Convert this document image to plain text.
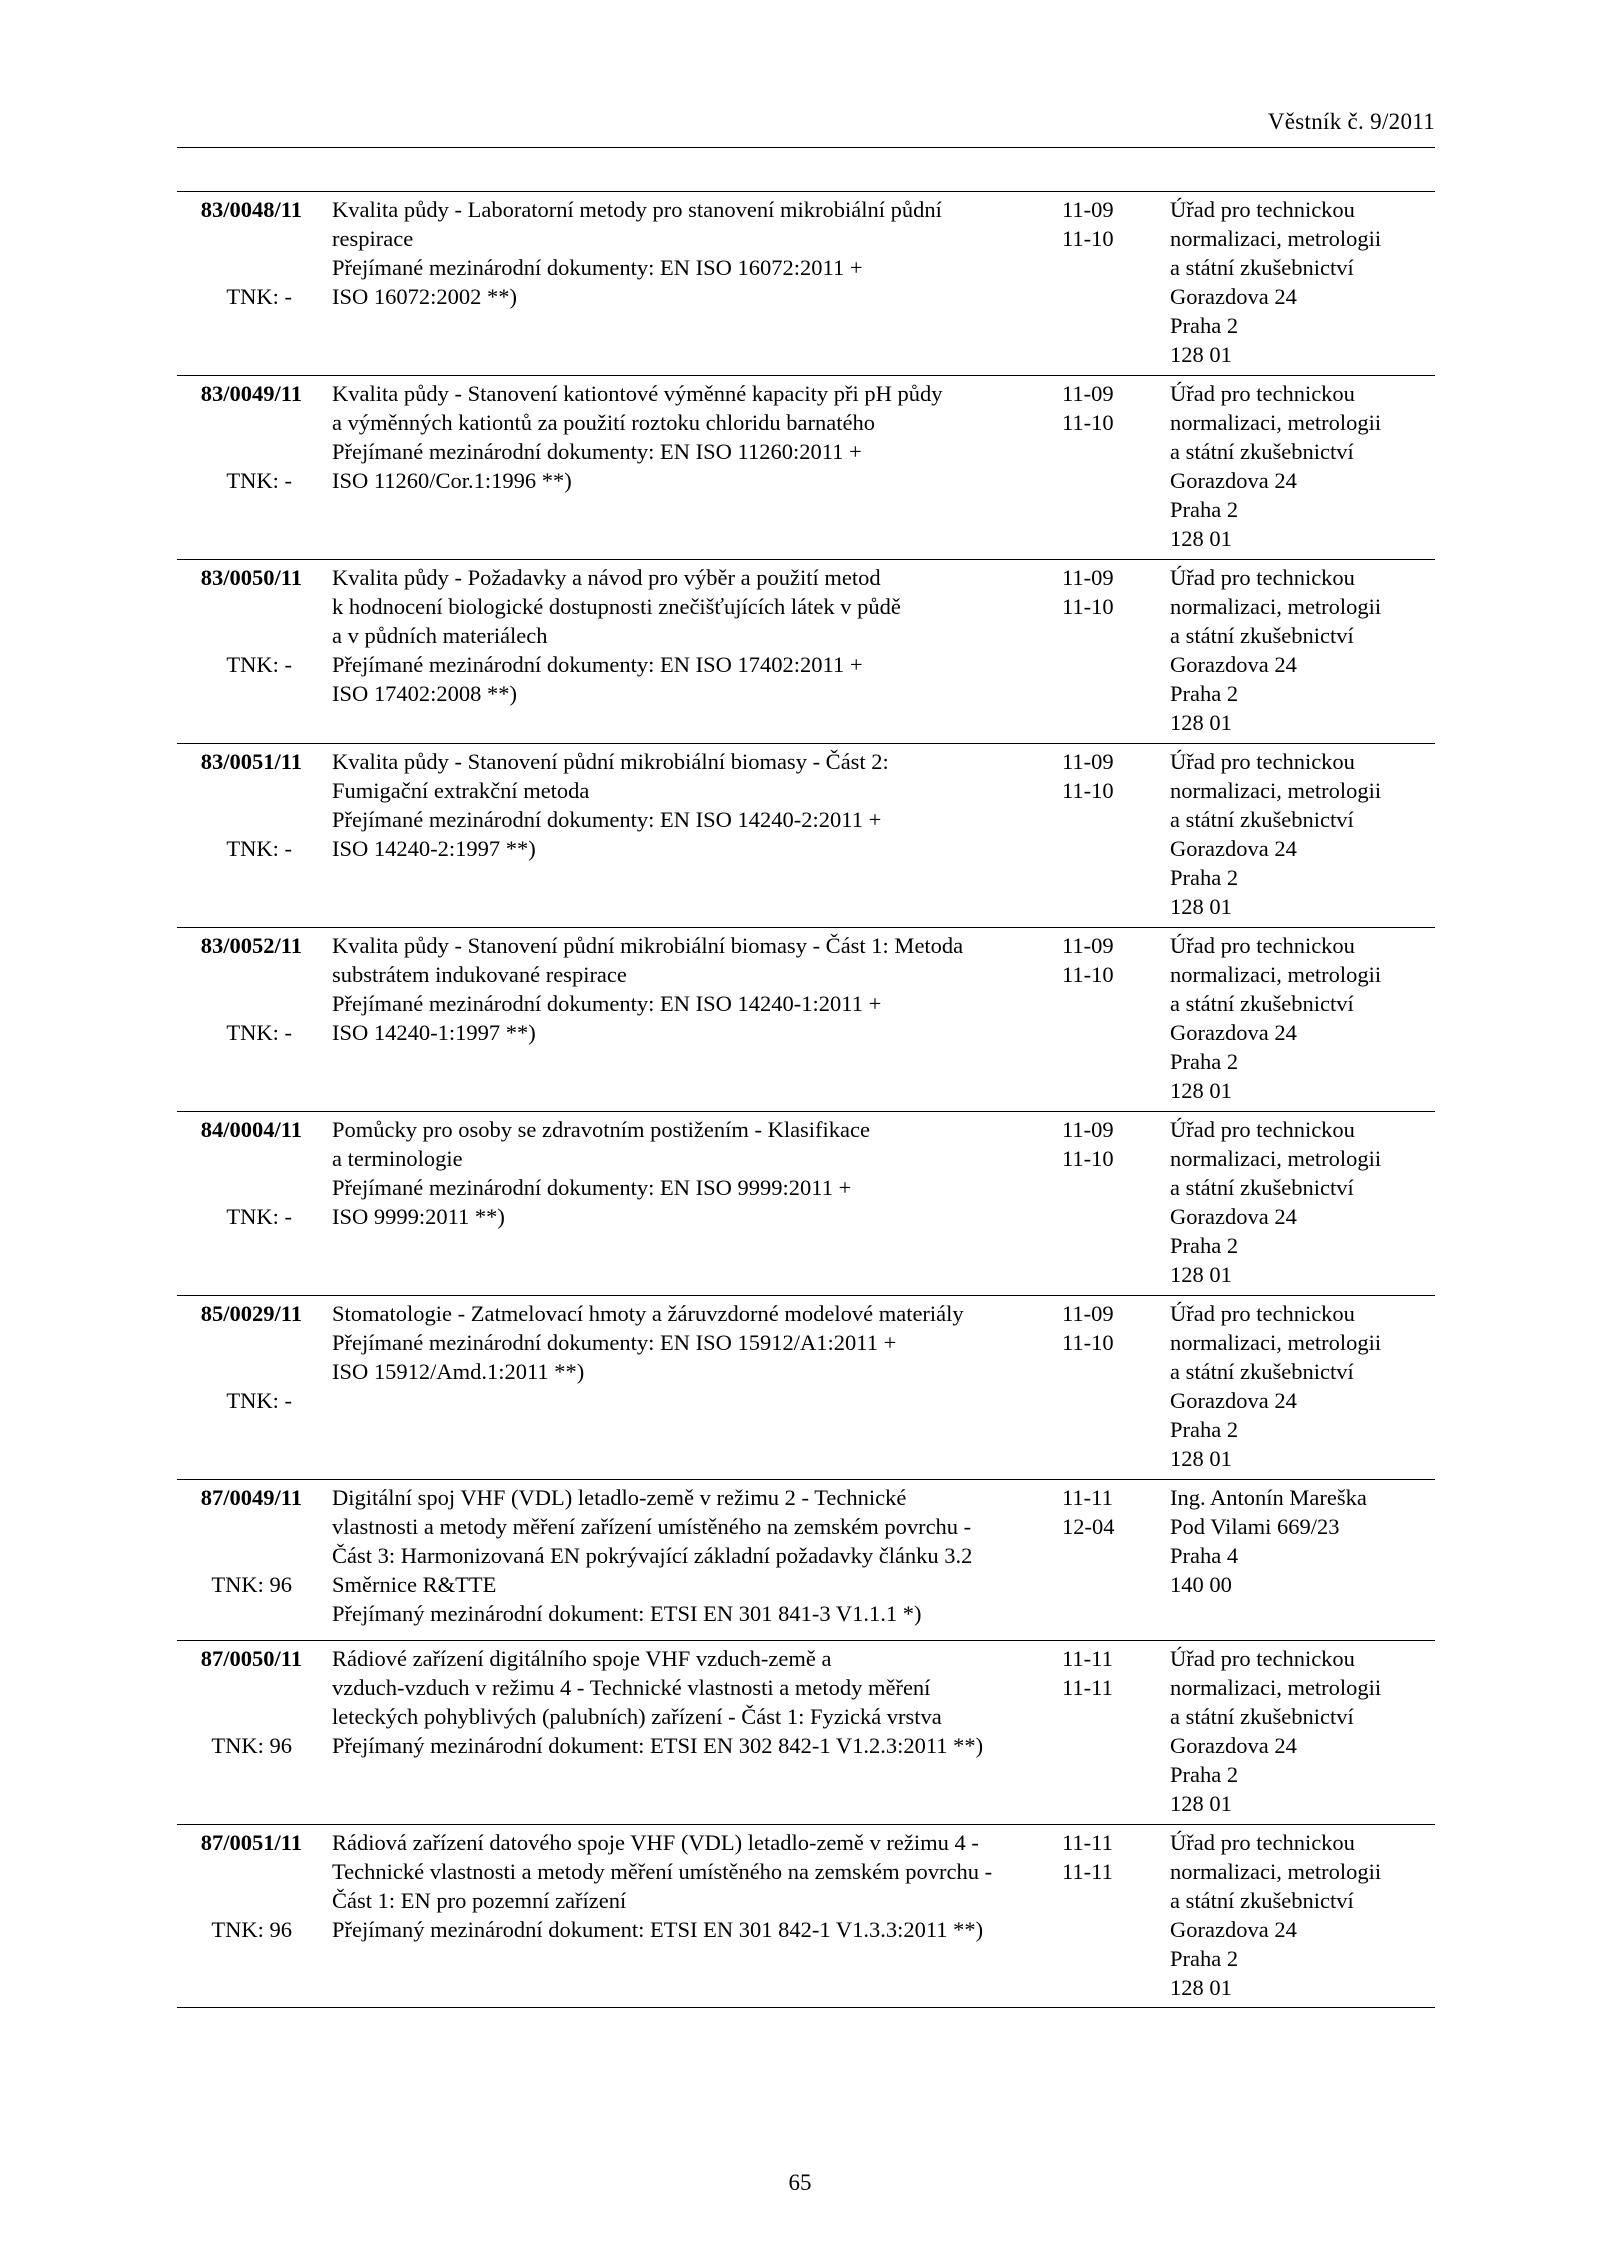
Věstník č. 9/2011
83/0048/11
TNK: -
Kvalita půdy - Laboratorní metody pro stanovení mikrobiální půdní
respirace
Přejímané mezinárodní dokumenty: EN ISO 16072:2011 +
ISO 16072:2002 **)
11-09
11-10
Úřad pro technickou
normalizaci, metrologii
a státní zkušebnictví
Gorazdova 24
Praha 2
128 01
83/0049/11
TNK: -
Kvalita půdy - Stanovení kationtové výměnné kapacity při pH půdy
a výměnných kationtů za použití roztoku chloridu barnatého
Přejímané mezinárodní dokumenty: EN ISO 11260:2011 +
ISO 11260/Cor.1:1996 **)
11-09
11-10
Úřad pro technickou
normalizaci, metrologii
a státní zkušebnictví
Gorazdova 24
Praha 2
128 01
83/0050/11
TNK: -
Kvalita půdy - Požadavky a návod pro výběr a použití metod
k hodnocení biologické dostupnosti znečišťujících látek v půdě
a v půdních materiálech
Přejímané mezinárodní dokumenty: EN ISO 17402:2011 +
ISO 17402:2008 **)
11-09
11-10
Úřad pro technickou
normalizaci, metrologii
a státní zkušebnictví
Gorazdova 24
Praha 2
128 01
83/0051/11
TNK: -
Kvalita půdy - Stanovení půdní mikrobiální biomasy - Část 2:
Fumigační extrakční metoda
Přejímané mezinárodní dokumenty: EN ISO 14240-2:2011 +
ISO 14240-2:1997 **)
11-09
11-10
Úřad pro technickou
normalizaci, metrologii
a státní zkušebnictví
Gorazdova 24
Praha 2
128 01
83/0052/11
TNK: -
Kvalita půdy - Stanovení půdní mikrobiální biomasy - Část 1: Metoda
substrátem indukované respirace
Přejímané mezinárodní dokumenty: EN ISO 14240-1:2011 +
ISO 14240-1:1997 **)
11-09
11-10
Úřad pro technickou
normalizaci, metrologii
a státní zkušebnictví
Gorazdova 24
Praha 2
128 01
84/0004/11
TNK: -
Pomůcky pro osoby se zdravotním postižením - Klasifikace
a terminologie
Přejímané mezinárodní dokumenty: EN ISO 9999:2011 +
ISO 9999:2011 **)
11-09
11-10
Úřad pro technickou
normalizaci, metrologii
a státní zkušebnictví
Gorazdova 24
Praha 2
128 01
85/0029/11
TNK: -
Stomatologie - Zatmelovací hmoty a žáruvzdorné modelové materiály
Přejímané mezinárodní dokumenty: EN ISO 15912/A1:2011 +
ISO 15912/Amd.1:2011 **)
11-09
11-10
Úřad pro technickou
normalizaci, metrologii
a státní zkušebnictví
Gorazdova 24
Praha 2
128 01
87/0049/11
TNK: 96
Digitální spoj VHF (VDL) letadlo-země v režimu 2 - Technické
vlastnosti a metody měření zařízení umístěného na zemském povrchu -
Část 3: Harmonizovaná EN pokrývající základní požadavky článku 3.2
Směrnice R&TTE
Přejímaný mezinárodní dokument: ETSI EN 301 841-3 V1.1.1 *)
11-11
12-04
Ing. Antonín Mareška
Pod Vilami 669/23
Praha 4
140 00
87/0050/11
TNK: 96
Rádiové zařízení digitálního spoje VHF vzduch-země a
vzduch-vzduch v režimu 4 - Technické vlastnosti a metody měření
leteckých pohyblivých (palubních) zařízení - Část 1: Fyzická vrstva
Přejímaný mezinárodní dokument: ETSI EN 302 842-1 V1.2.3:2011 **)
11-11
11-11
Úřad pro technickou
normalizaci, metrologii
a státní zkušebnictví
Gorazdova 24
Praha 2
128 01
87/0051/11
TNK: 96
Rádiová zařízení datového spoje VHF (VDL) letadlo-země v režimu 4 -
Technické vlastnosti a metody měření umístěného na zemském povrchu -
Část 1: EN pro pozemní zařízení
Přejímaný mezinárodní dokument: ETSI EN 301 842-1 V1.3.3:2011 **)
11-11
11-11
Úřad pro technickou
normalizaci, metrologii
a státní zkušebnictví
Gorazdova 24
Praha 2
128 01
65
